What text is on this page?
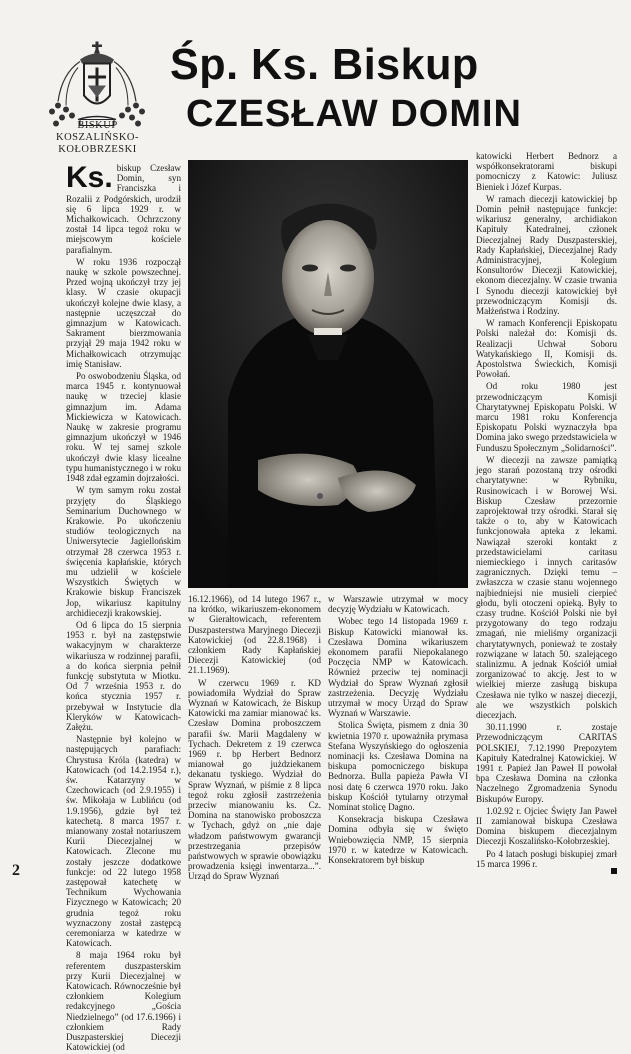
BISKUP
KOSZALIŃSKO-
KOŁOBRZESKI
Śp. Ks. Biskup
CZESŁAW DOMIN

Ks. biskup Czesław Domin, syn Franciszka i Rozalii z Podgórskich, urodził się 6 lipca 1929 r. w Michałkowicach. Ochrzczony został 14 lipca tegoż roku w miejscowym kościele parafialnym.

W roku 1936 rozpoczął naukę w szkole powszechnej. Przed wojną ukończył trzy jej klasy. W czasie okupacji ukończył kolejne dwie klasy, a następnie uczęszczał do gimnazjum w Katowicach. Sakrament bierzmowania przyjął 29 maja 1942 roku w Michałkowicach otrzymując imię Stanisław.

Po oswobodzeniu Śląska, od marca 1945 r. kontynuował naukę w trzeciej klasie gimnazjum im. Adama Mickiewicza w Katowicach. Naukę w zakresie programu gimnazjum ukończył w 1946 roku. W tej samej szkole ukończył dwie klasy licealne typu humanistycznego i w roku 1948 zdał egzamin dojrzałości.

W tym samym roku został przyjęty do Śląskiego Seminarium Duchownego w Krakowie. Po ukończeniu studiów teologicznych na Uniwersytecie Jagiellońskim otrzymał 28 czerwca 1953 r. święcenia kapłańskie, których mu udzielił w kościele Wszystkich Świętych w Krakowie biskup Franciszek Jop, wikariusz kapitulny archidiecezji krakowskiej.

Od 6 lipca do 15 sierpnia 1953 r. był na zastępstwie wakacyjnym w charakterze wikariusza w rodzinnej parafii, a do końca sierpnia pełnił funkcję substytuta w Miotku. Od 7 września 1953 r. do końca stycznia 1957 r. przebywał w Instytucie dla Kleryków w Katowicach-Załężu.

Następnie był kolejno w następujących parafiach: Chrystusa Króla (katedra) w Katowicach (od 14.2.1954 r.), św. Katarzyny w Czechowicach (od 2.9.1955) i św. Mikołaja w Lublińcu (od 1.9.1956), gdzie był też katechetą. 8 marca 1957 r. mianowany został notariuszem Kurii Diecezjalnej w Katowicach. Zlecone mu zostały jeszcze dodatkowe funkcje: od 22 lutego 1958 zastępował katechetę w Technikum Wychowania Fizycznego w Katowicach; 20 grudnia tegoż roku wyznaczony został zastępcą ceremoniarza w katedrze w Katowicach.

8 maja 1964 roku był referentem duszpasterskim przy Kurii Diecezjalnej w Katowicach. Równocześnie był członkiem Kolegium redakcyjnego „Gościa Niedzielnego” (od 17.6.1966) i członkiem Rady Duszpasterskiej Diecezji Katowickiej (od

16.12.1966), od 14 lutego 1967 r., na krótko, wikariuszem-ekonomem w Gierałtowicach, referentem Duszpasterstwa Maryjnego Diecezji Katowickiej (od 22.8.1968) i członkiem Rady Kapłańskiej Diecezji Katowickiej (od 21.1.1969).

W czerwcu 1969 r. KD powiadomiła Wydział do Spraw Wyznań w Katowicach, że Biskup Katowicki ma zamiar mianować ks. Czesław Domina proboszczem parafii św. Marii Magdaleny w Tychach. Dekretem z 19 czerwca 1969 r. bp Herbert Bednorz mianował go jużdziekanem dekanatu tyskiego. Wydział do Spraw Wyznań, w piśmie z 8 lipca tegoż roku zgłosił zastrzeżenia przeciw mianowaniu ks. Cz. Domina na stanowisko proboszcza w Tychach, gdyż on „nie daje władzom państwowym gwarancji przestrzegania przepisów państwowych w sprawie obowiązku prowadzenia księgi inwentarza...”. Urząd do Spraw Wyznań

w Warszawie utrzymał w mocy decyzję Wydziału w Katowicach.

Wobec tego 14 listopada 1969 r. Biskup Katowicki mianował ks. Czesława Domina wikariuszem ekonomem parafii Niepokalanego Poczęcia NMP w Katowicach. Również przeciw tej nominacji Wydział do Spraw Wyznań zgłosił zastrzeżenia. Decyzję Wydziału utrzymał w mocy Urząd do Spraw Wyznań w Warszawie.

Stolica Święta, pismem z dnia 30 kwietnia 1970 r. upoważniła prymasa Stefana Wyszyńskiego do ogłoszenia nominacji ks. Czesława Domina na biskupa pomocniczego biskupa Bednorza. Bulla papieża Pawła VI nosi datę 6 czerwca 1970 roku. Jako biskup Kościół tytularny otrzymał Nominat stolicę Dagno.

Konsekracja biskupa Czesława Domina odbyła się w święto Wniebowzięcia NMP, 15 sierpnia 1970 r. w katedrze w Katowicach. Konsekratorem był biskup

katowicki Herbert Bednorz a współkonsekratorami biskupi pomocniczy z Katowic: Juliusz Bieniek i Józef Kurpas.

W ramach diecezji katowickiej bp Domin pełnił następujące funkcje: wikariusz generalny, archidiakon Kapituły Katedralnej, członek Diecezjalnej Rady Duszpasterskiej, Rady Kapłańskiej, Diecezjalnej Rady Administracyjnej, Kolegium Konsultorów Diecezji Katowickiej, ekonom diecezjalny. W czasie trwania I Synodu diecezji katowickiej był przewodniczącym Komisji ds. Małżeństwa i Rodziny.

W ramach Konferencji Episkopatu Polski należał do: Komisji ds. Realizacji Uchwał Soboru Watykańskiego II, Komisji ds. Apostolstwa Świeckich, Komisji Powołań.

Od roku 1980 jest przewodniczącym Komisji Charytatywnej Episkopatu Polski. W marcu 1981 roku Konferencja Episkopatu Polski wyznaczyła bpa Domina jako swego przedstawiciela w Funduszu Społecznym „Solidarności”.

W diecezji na zawsze pamiątką jego starań pozostaną trzy ośrodki charytatywne: w Rybniku, Rusinowicach i w Borowej Wsi. Biskup Czesław przezornie zaprojektował trzy ośrodki. Starał się także o to, aby w Katowicach funkcjonowała apteka z lekami. Nawiązał szeroki kontakt z przedstawicielami caritasu niemieckiego i innych caritasów zagranicznych. Dzięki temu – zwłaszcza w czasie stanu wojennego najbiedniejsi nie musieli cierpieć głodu, byli otoczeni opieką. Były to czasy trudne. Kościół Polski nie był przygotowany do tego rodzaju zmagań, nie mieliśmy organizacji charytatywnych, ponieważ te zostały rozwiązane w latach 50. szalejącego stalinizmu. A jednak Kościół umiał zorganizować to akcję. Jest to w wielkiej mierze zasługą biskupa Czesława nie tylko w naszej diecezji, ale we wszystkich polskich diecezjach.

30.11.1990 r. zostaje Przewodniczącym CARITAS POLSKIEJ, 7.12.1990 Prepozytem Kapituły Katedralnej Katowickiej. W 1991 r. Papież Jan Paweł II powołał bpa Czesława Domina na członka Naczelnego Zgromadzenia Synodu Biskupów Europy.

1.02.92 r. Ojciec Święty Jan Paweł II zamianował biskupa Czesława Domina biskupem diecezjalnym Diecezji Koszalińsko-Kołobrzeskiej.

Po 4 latach posługi biskupiej zmarł 15 marca 1996 r.

2
